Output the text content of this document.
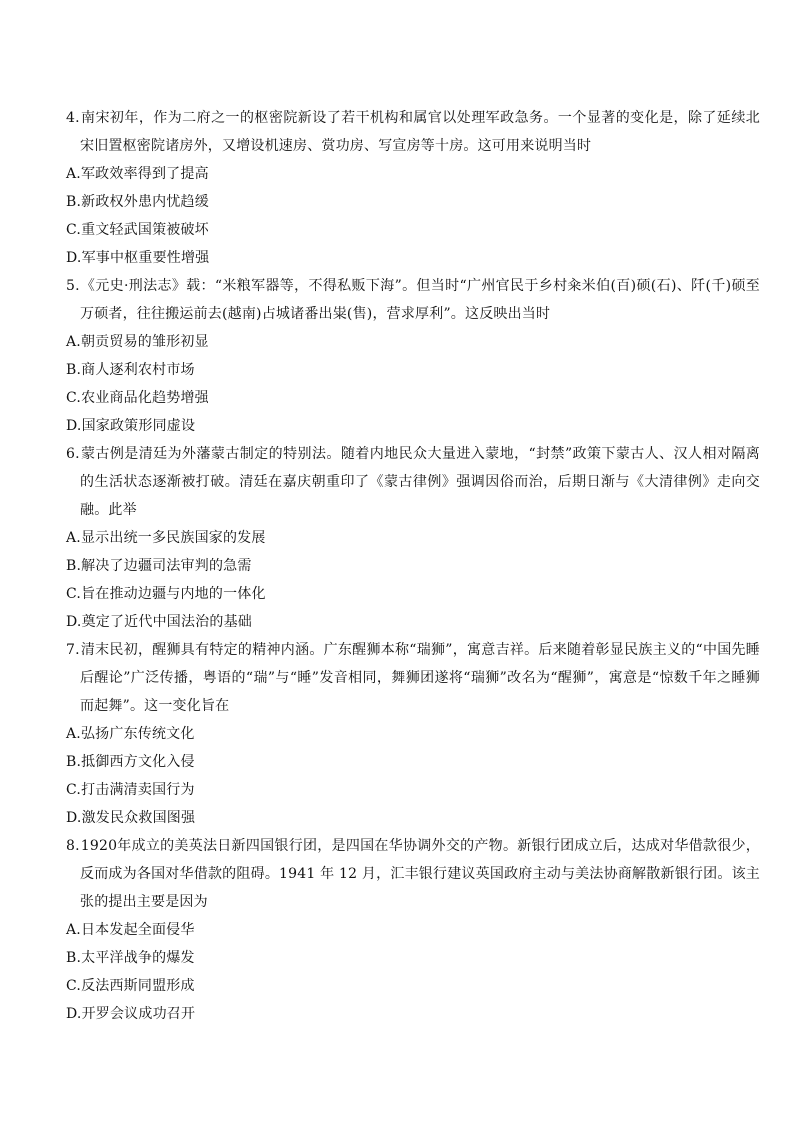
4.南宋初年，作为二府之一的枢密院新设了若干机构和属官以处理军政急务。一个显著的变化是，除了延续北宋旧置枢密院诸房外，又增设机速房、赏功房、写宣房等十房。这可用来说明当时

A.军政效率得到了提高
B.新政权外患内忧趋缓
C.重文轻武国策被破坏
D.军事中枢重要性增强

5.《元史·刑法志》载：“米粮军器等，不得私贩下海”。但当时“广州官民于乡村籴米伯(百)硕(石)、阡(千)硕至万硕者，往往搬运前去(越南)占城诸番出粜(售)，营求厚利”。这反映出当时

A.朝贡贸易的雏形初显
B.商人逐利农村市场
C.农业商品化趋势增强
D.国家政策形同虚设

6.蒙古例是清廷为外藩蒙古制定的特别法。随着内地民众大量进入蒙地，“封禁”政策下蒙古人、汉人相对隔离的生活状态逐渐被打破。清廷在嘉庆朝重印了《蒙古律例》强调因俗而治，后期日渐与《大清律例》走向交融。此举

A.显示出统一多民族国家的发展
B.解决了边疆司法审判的急需
C.旨在推动边疆与内地的一体化
D.奠定了近代中国法治的基础

7.清末民初，醒狮具有特定的精神内涵。广东醒狮本称“瑞狮”，寓意吉祥。后来随着彰显民族主义的“中国先睡后醒论”广泛传播，粤语的“瑞”与“睡”发音相同，舞狮团遂将“瑞狮”改名为“醒狮”，寓意是“惊数千年之睡狮而起舞”。这一变化旨在

A.弘扬广东传统文化
B.抵御西方文化入侵
C.打击满清卖国行为
D.激发民众救国图强

8.1920年成立的美英法日新四国银行团，是四国在华协调外交的产物。新银行团成立后，达成对华借款很少，反而成为各国对华借款的阻碍。1941 年 12 月，汇丰银行建议英国政府主动与美法协商解散新银行团。该主张的提出主要是因为

A.日本发起全面侵华
B.太平洋战争的爆发
C.反法西斯同盟形成
D.开罗会议成功召开
